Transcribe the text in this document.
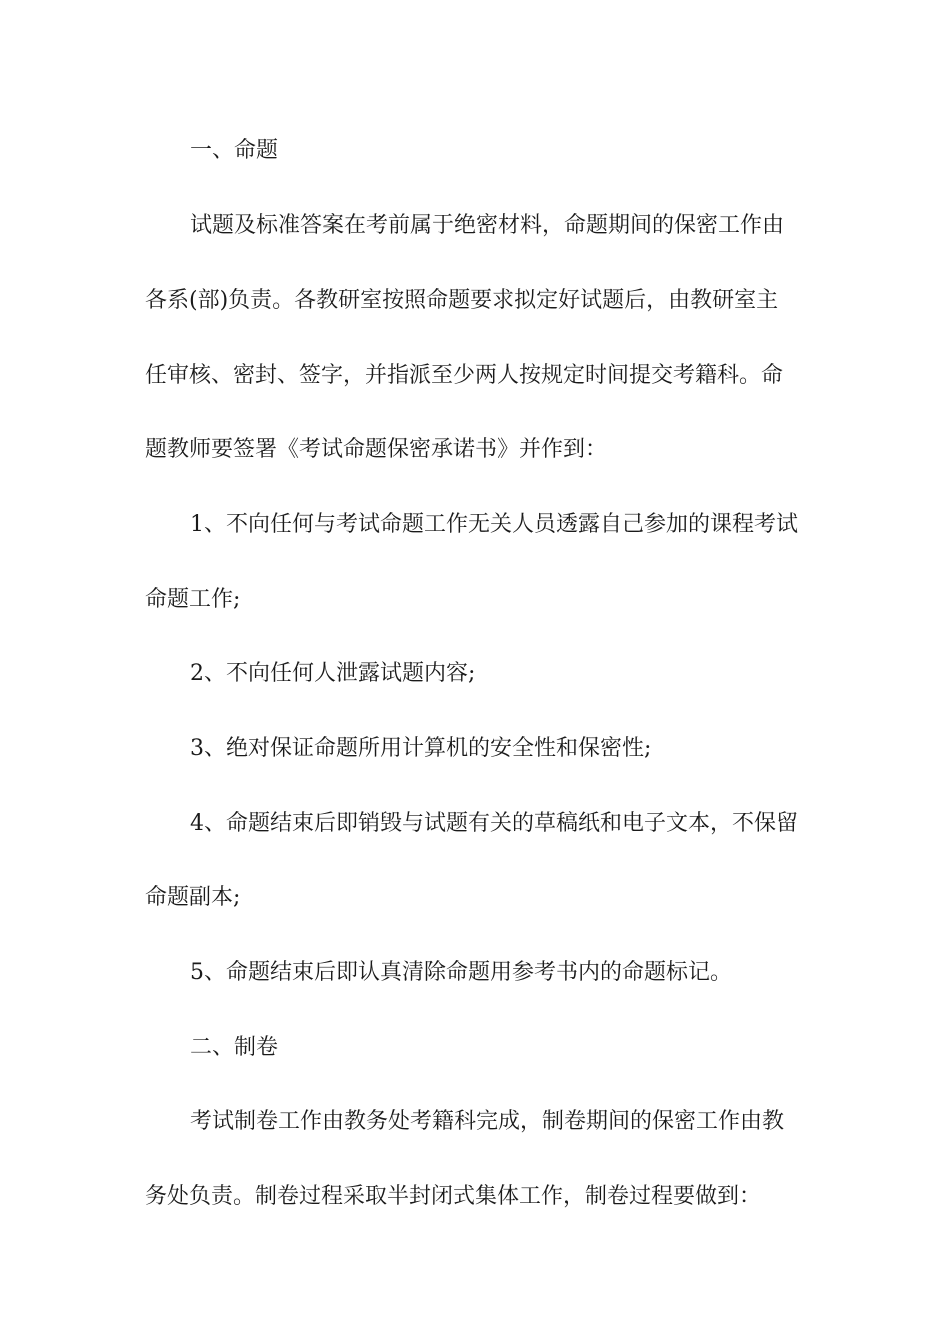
一、命题
试题及标准答案在考前属于绝密材料，命题期间的保密工作由
各系(部)负责。各教研室按照命题要求拟定好试题后，由教研室主
任审核、密封、签字，并指派至少两人按规定时间提交考籍科。命
题教师要签署《考试命题保密承诺书》并作到：
1、不向任何与考试命题工作无关人员透露自己参加的课程考试
命题工作;
2、不向任何人泄露试题内容;
3、绝对保证命题所用计算机的安全性和保密性;
4、命题结束后即销毁与试题有关的草稿纸和电子文本，不保留
命题副本;
5、命题结束后即认真清除命题用参考书内的命题标记。
二、制卷
考试制卷工作由教务处考籍科完成，制卷期间的保密工作由教
务处负责。制卷过程采取半封闭式集体工作，制卷过程要做到：
